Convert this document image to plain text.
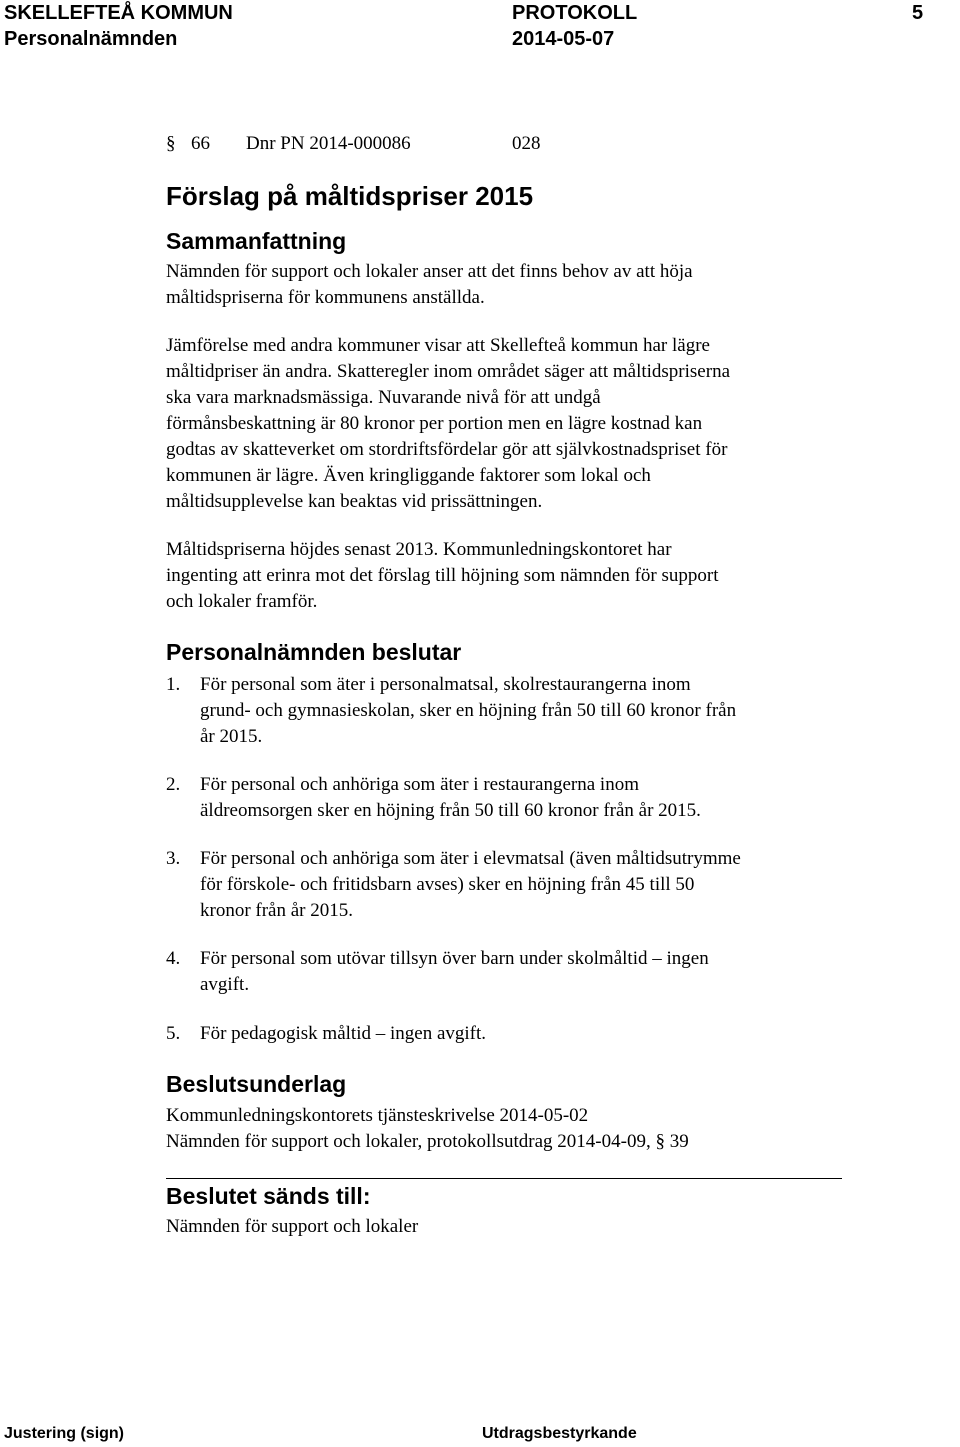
SKELLEFTEÅ KOMMUN	PROTOKOLL	5
Personalnämnden	2014-05-07
§ 66 Dnr PN 2014-000086	028
Förslag på måltidspriser 2015
Sammanfattning
Nämnden för support och lokaler anser att det finns behov av att höja
måltidspriserna för kommunens anställda.
Jämförelse med andra kommuner visar att Skellefteå kommun har lägre
måltidpriser än andra. Skatteregler inom området säger att måltidspriserna
ska vara marknadsmässiga. Nuvarande nivå för att undgå
förmånsbeskattning är 80 kronor per portion men en lägre kostnad kan
godtas av skatteverket om stordriftsfördelar gör att självkostnadspriset för
kommunen är lägre. Även kringliggande faktorer som lokal och
måltidsupplevelse kan beaktas vid prissättningen.
Måltidspriserna höjdes senast 2013. Kommunledningskontoret har
ingenting att erinra mot det förslag till höjning som nämnden för support
och lokaler framför.
Personalnämnden beslutar
1. För personal som äter i personalmatsal, skolrestaurangerna inom
grund- och gymnasieskolan, sker en höjning från 50 till 60 kronor från
år 2015.
2. För personal och anhöriga som äter i restaurangerna inom
äldreomsorgen sker en höjning från 50 till 60 kronor från år 2015.
3. För personal och anhöriga som äter i elevmatsal (även måltidsutrymme
för förskole- och fritidsbarn avses) sker en höjning från 45 till 50
kronor från år 2015.
4. För personal som utövar tillsyn över barn under skolmåltid – ingen
avgift.
5. För pedagogisk måltid – ingen avgift.
Beslutsunderlag
Kommunledningskontorets tjänsteskrivelse 2014-05-02
Nämnden för support och lokaler, protokollsutdrag 2014-04-09, § 39
Beslutet sänds till:
Nämnden för support och lokaler
Justering (sign)	Utdragsbestyrkande
